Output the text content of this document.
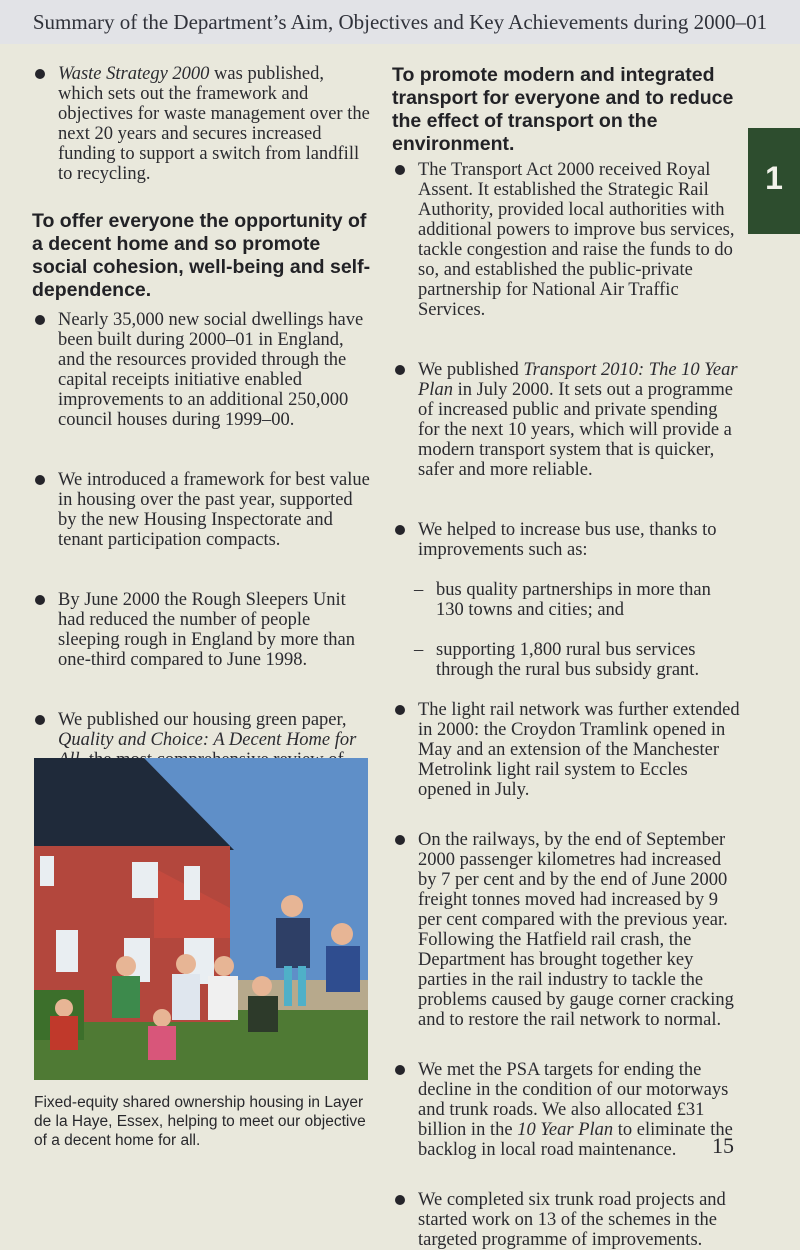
Summary of the Department’s Aim, Objectives and Key Achievements during 2000–01
Waste Strategy 2000 was published, which sets out the framework and objectives for waste management over the next 20 years and secures increased funding to support a switch from landfill to recycling.
To offer everyone the opportunity of a decent home and so promote social cohesion, well-being and self-dependence.
Nearly 35,000 new social dwellings have been built during 2000–01 in England, and the resources provided through the capital receipts initiative enabled improvements to an additional 250,000 council houses during 1999–00.
We introduced a framework for best value in housing over the past year, supported by the new Housing Inspectorate and tenant participation compacts.
By June 2000 the Rough Sleepers Unit had reduced the number of people sleeping rough in England by more than one-third compared to June 1998.
We published our housing green paper, Quality and Choice: A Decent Home for
Fixed-equity shared ownership housing in Layer de la Haye, Essex, helping to meet our objective of a decent home for all.
To promote modern and integrated transport for everyone and to reduce the effect of transport on the environment.
The Transport Act 2000 received Royal Assent. It established the Strategic Rail Authority, provided local authorities with additional powers to improve bus services, tackle congestion and raise the funds to do so, and established the public-private partnership for National Air Traffic Services.
We published Transport 2010: The 10 Year Plan in July 2000. It sets out a programme of increased public and private spending for the next 10 years, which will provide a modern transport system that is quicker, safer and more reliable.
We helped to increase bus use, thanks to improvements such as:
– bus quality partnerships in more than 130 towns and cities; and
– supporting 1,800 rural bus services through the rural bus subsidy grant.
The light rail network was further extended in 2000: the Croydon Tramlink opened in May and an extension of the Manchester Metrolink light rail system to Eccles opened in July.
On the railways, by the end of September 2000 passenger kilometres had increased by 7 per cent and by the end of June 2000 freight tonnes moved had increased by 9 per cent compared with the previous year. Following the Hatfield rail crash, the Department has brought together key parties in the rail industry to tackle the problems caused by gauge corner cracking and to restore the rail network to normal.
We met the PSA targets for ending the decline in the condition of our motorways and trunk roads. We also allocated £31 billion in the 10 Year Plan to eliminate the backlog in local road maintenance.
We completed six trunk road projects and started work on 13 of the schemes in the targeted programme of improvements.
1
15
